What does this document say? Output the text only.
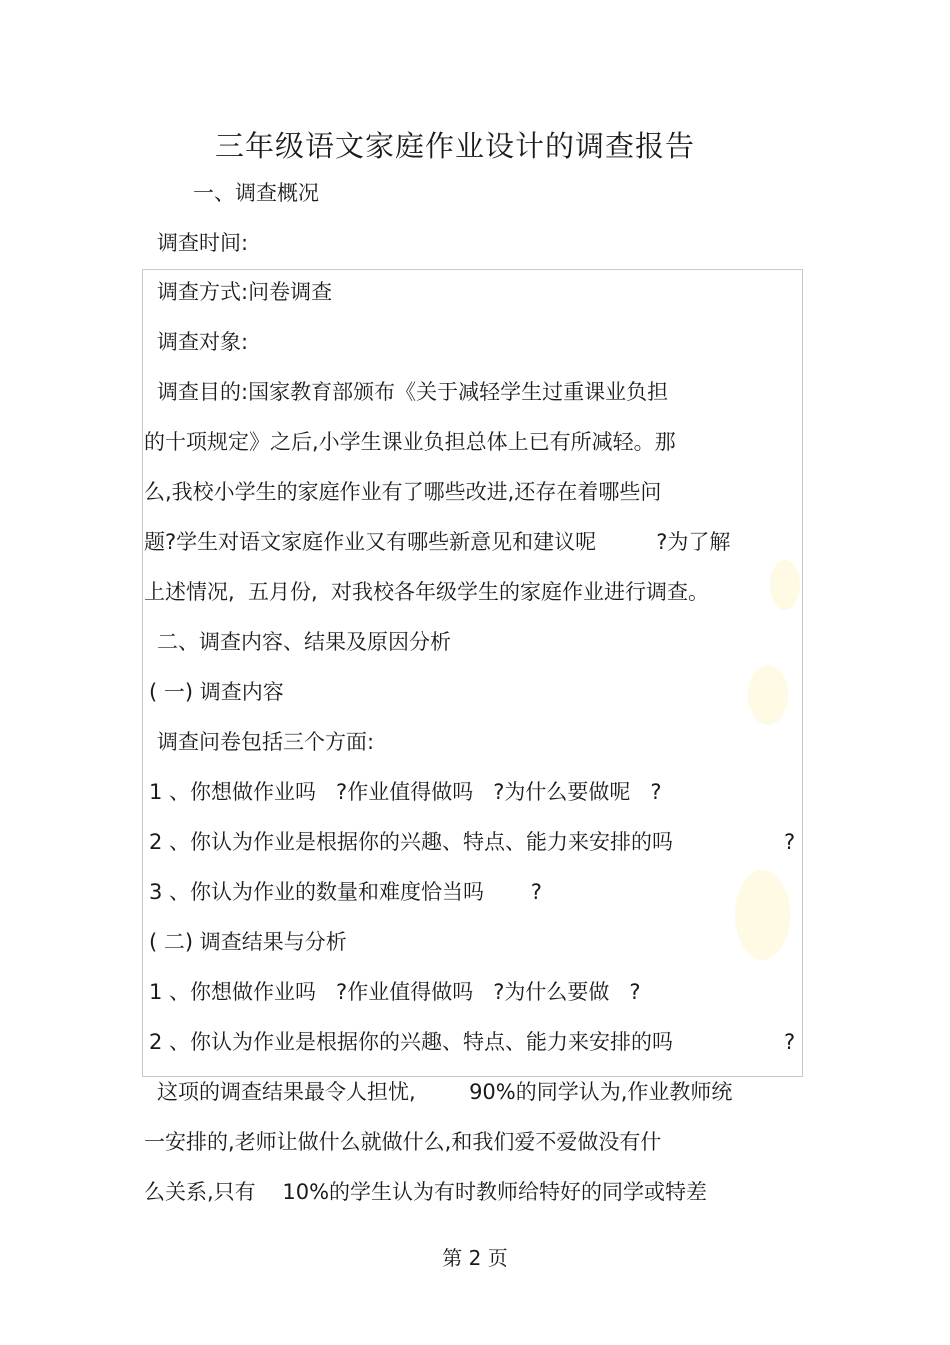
三年级语文家庭作业设计的调查报告
一、调查概况
调查时间:
调查方式:问卷调查
调查对象:
调查目的:国家教育部颁布《关于减轻学生过重课业负担
的十项规定》之后,小学生课业负担总体上已有所减轻。那
么,我校小学生的家庭作业有了哪些改进,还存在着哪些问
题?学生对语文家庭作业又有哪些新意见和建议呢         ?为了解
上述情况,  五月份,  对我校各年级学生的家庭作业进行调查。
二、调查内容、结果及原因分析
( 一) 调查内容
调查问卷包括三个方面:
1 、你想做作业吗   ?作业值得做吗   ?为什么要做呢   ?
2 、你认为作业是根据你的兴趣、特点、能力来安排的吗	?
3 、你认为作业的数量和难度恰当吗       ?
( 二) 调查结果与分析
1 、你想做作业吗   ?作业值得做吗   ?为什么要做   ?
2 、你认为作业是根据你的兴趣、特点、能力来安排的吗	?
这项的调查结果最令人担忧,        90%的同学认为,作业教师统
一安排的,老师让做什么就做什么,和我们爱不爱做没有什
么关系,只有    10%的学生认为有时教师给特好的同学或特差
第 2 页
